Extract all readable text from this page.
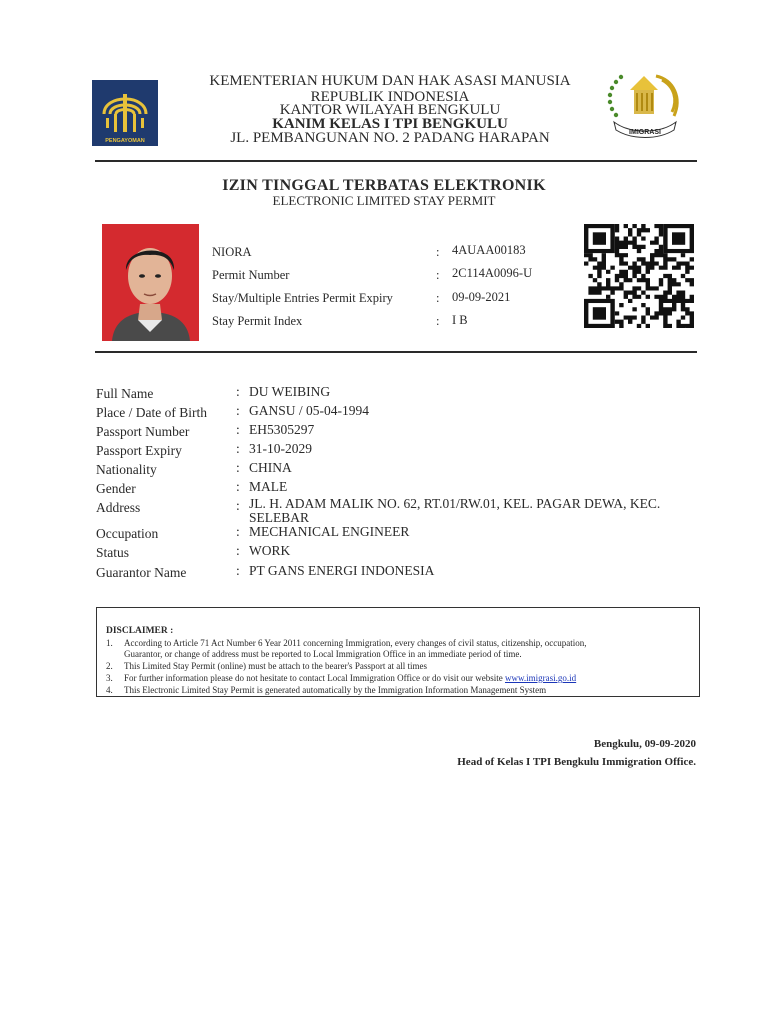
PENGAYOMAN
KEMENTERIAN HUKUM DAN HAK ASASI MANUSIA
REPUBLIK INDONESIA
KANTOR WILAYAH BENGKULU
KANIM KELAS I TPI BENGKULU
JL. PEMBANGUNAN NO. 2 PADANG HARAPAN	IMIGRASI
IZIN TINGGAL TERBATAS ELEKTRONIK
ELECTRONIC LIMITED STAY PERMIT
NIORA	: 4AUAA00183
Permit Number	: 2C114A0096-U
Stay/Multiple Entries Permit Expiry	: 09-09-2021
Stay Permit Index	: I B
Full Name	: DU WEIBING
Place / Date of Birth : GANSU / 05-04-1994
Passport Number	: EH5305297
Passport Expiry	: 31-10-2029
Nationality	: CHINA
Gender	: MALE
Address	: JL. H. ADAM MALIK NO. 62, RT.01/RW.01, KEL. PAGAR DEWA, KEC.
SELEBAR
Occupation	: MECHANICAL ENGINEER
Status	: WORK
Guarantor Name	: PT GANS ENERGI INDONESIA
DISCLAIMER :
1. According to Article 71 Act Number 6 Year 2011 concerning Immigration, every changes of civil status, citizenship, occupation,
Guarantor, or change of address must be reported to Local Immigration Office in an immediate period of time.
2. This Limited Stay Permit (online) must be attach to the bearer's Passport at all times
3. For further information please do not hesitate to contact Local Immigration Office or do visit our website www.imigrasi.go.id
4. This Electronic Limited Stay Permit is generated automatically by the Immigration Information Management System
Bengkulu, 09-09-2020
Head of Kelas I TPI Bengkulu Immigration Office.
